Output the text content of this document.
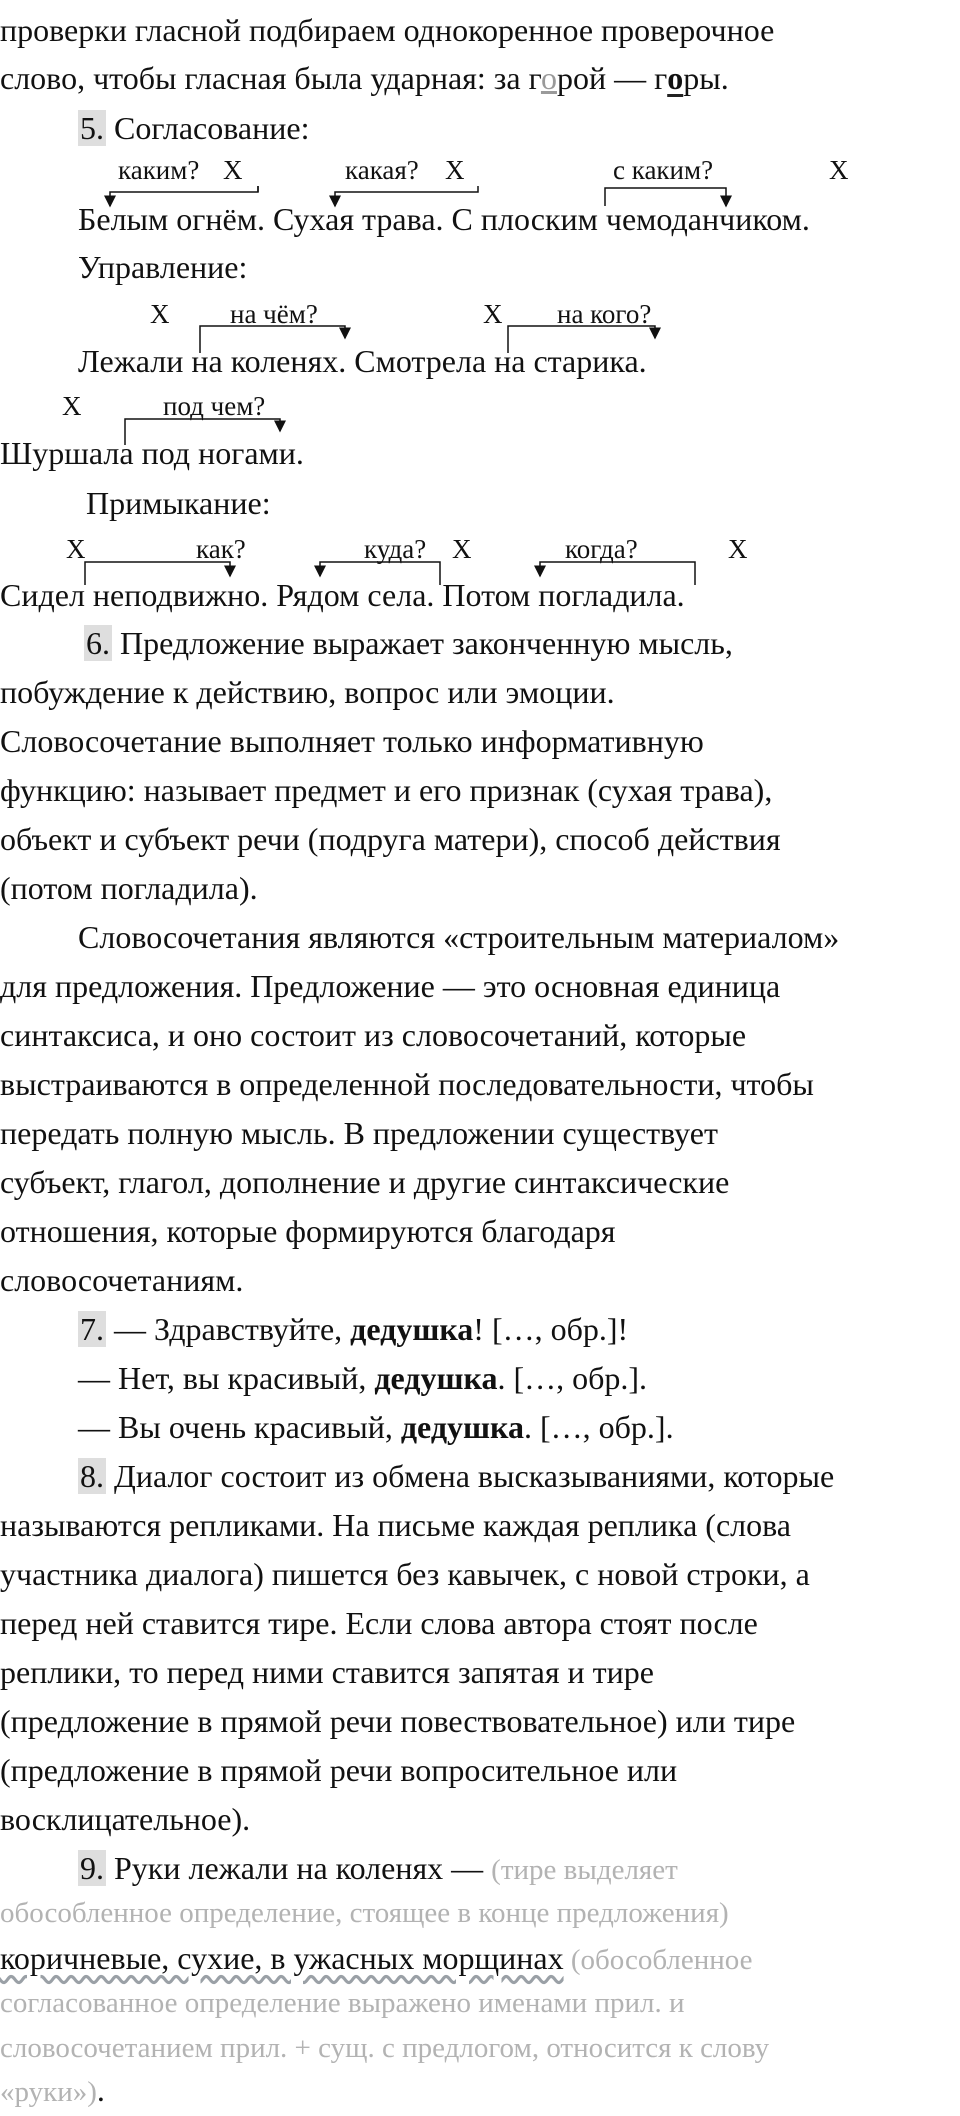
проверки гласной подбираем однокоренное проверочное
слово, чтобы гласная была ударная: за горой — горы.
5. Согласование:
каким? X	какая? X	с каким?	X
Белым огнём. Сухая трава. С плоским чемоданчиком.
Управление:
X на чём?	X на кого?
Лежали на коленях. Смотрела на старика.
X	под чем?
Шуршала под ногами.
Примыкание:
X	как?	куда? X	когда?	X
Сидел неподвижно. Рядом села. Потом погладила.
6. Предложение выражает законченную мысль,
побуждение к действию, вопрос или эмоции.
Словосочетание выполняет только информативную
функцию: называет предмет и его признак (сухая трава),
объект и субъект речи (подруга матери), способ действия
(потом погладила).
Словосочетания являются «строительным материалом»
для предложения. Предложение — это основная единица
синтаксиса, и оно состоит из словосочетаний, которые
выстраиваются в определенной последовательности, чтобы
передать полную мысль. В предложении существует
субъект, глагол, дополнение и другие синтаксические
отношения, которые формируются благодаря
словосочетаниям.
7. — Здравствуйте, дедушка! […, обр.]!
— Нет, вы красивый, дедушка. […, обр.].
— Вы очень красивый, дедушка. […, обр.].
8. Диалог состоит из обмена высказываниями, которые
называются репликами. На письме каждая реплика (слова
участника диалога) пишется без кавычек, с новой строки, а
перед ней ставится тире. Если слова автора стоят после
реплики, то перед ними ставится запятая и тире
(предложение в прямой речи повествовательное) или тире
(предложение в прямой речи вопросительное или
восклицательное).
9. Руки лежали на коленях — (тире выделяет
обособленное определение, стоящее в конце предложения)
коричневые, сухие, в ужасных морщинах (обособленное
согласованное определение выражено именами прил. и
словосочетанием прил. + сущ. с предлогом, относится к слову
«руки»).
